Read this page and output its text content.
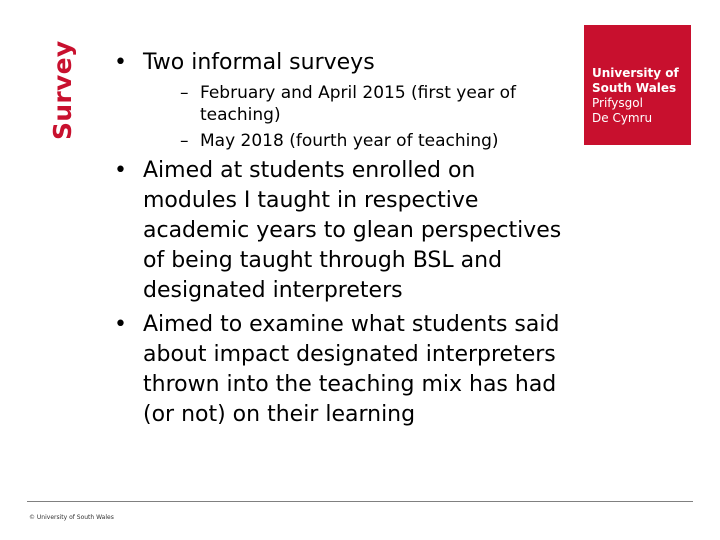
Survey • Two informal surveys
– February and April 2015 (first year of teaching)
– May 2018 (fourth year of teaching)
• Aimed at students enrolled on modules I taught in respective academic years to glean perspectives of being taught through BSL and designated interpreters
• Aimed to examine what students said about impact designated interpreters thrown into the teaching mix has had (or not) on their learning
University of
South Wales
Prifysgol
De Cymru
© University of South Wales
